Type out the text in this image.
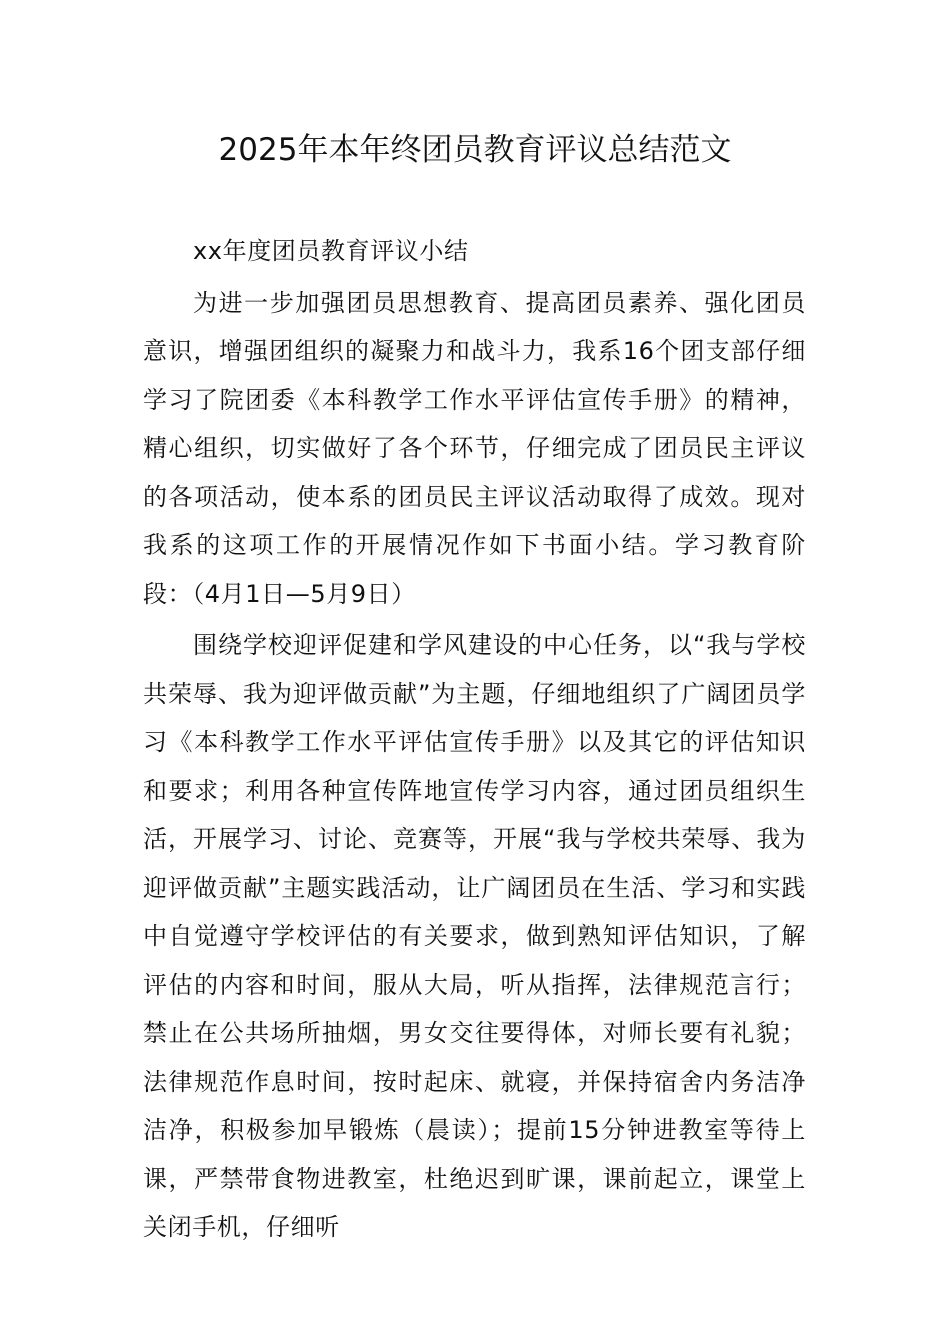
2025年本年终团员教育评议总结范文

xx年度团员教育评议小结

为进一步加强团员思想教育、提高团员素养、强化团员意识，增强团组织的凝聚力和战斗力，我系16个团支部仔细学习了院团委《本科教学工作水平评估宣传手册》的精神，精心组织，切实做好了各个环节，仔细完成了团员民主评议的各项活动，使本系的团员民主评议活动取得了成效。现对我系的这项工作的开展情况作如下书面小结。学习教育阶段：（4月1日—5月9日）

围绕学校迎评促建和学风建设的中心任务，以“我与学校共荣辱、我为迎评做贡献”为主题，仔细地组织了广阔团员学习《本科教学工作水平评估宣传手册》以及其它的评估知识和要求；利用各种宣传阵地宣传学习内容，通过团员组织生活，开展学习、讨论、竞赛等，开展“我与学校共荣辱、我为迎评做贡献”主题实践活动，让广阔团员在生活、学习和实践中自觉遵守学校评估的有关要求，做到熟知评估知识，了解评估的内容和时间，服从大局，听从指挥，法律规范言行；禁止在公共场所抽烟，男女交往要得体，对师长要有礼貌；法律规范作息时间，按时起床、就寝，并保持宿舍内务洁净洁净，积极参加早锻炼（晨读）；提前15分钟进教室等待上课，严禁带食物进教室，杜绝迟到旷课，课前起立，课堂上关闭手机，仔细听
